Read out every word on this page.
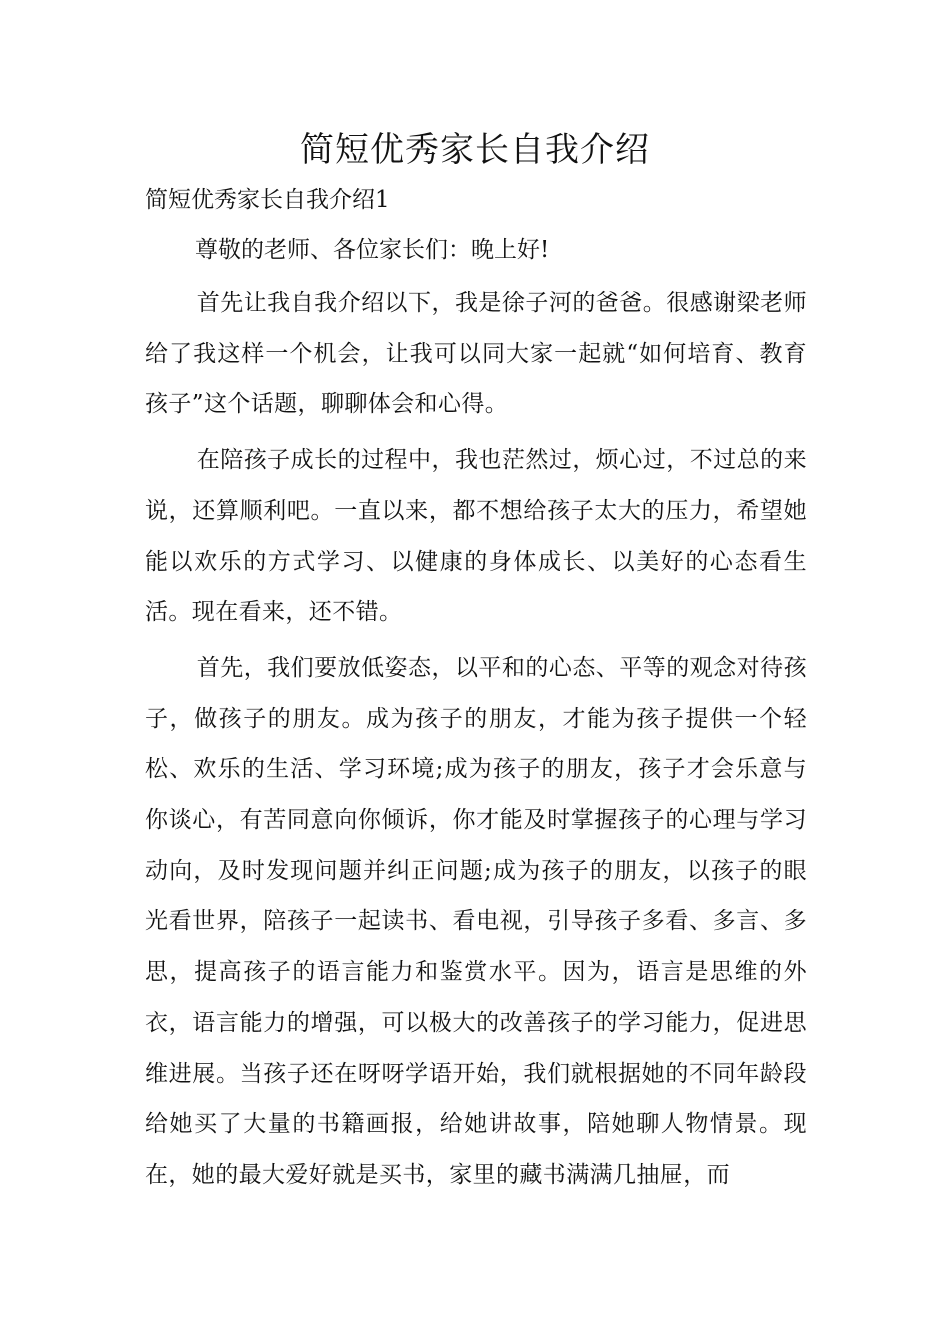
简短优秀家长自我介绍

简短优秀家长自我介绍1

尊敬的老师、各位家长们：晚上好!

首先让我自我介绍以下，我是徐子河的爸爸。很感谢梁老师给了我这样一个机会，让我可以同大家一起就“如何培育、教育孩子”这个话题，聊聊体会和心得。

在陪孩子成长的过程中，我也茫然过，烦心过，不过总的来说，还算顺利吧。一直以来，都不想给孩子太大的压力，希望她能以欢乐的方式学习、以健康的身体成长、以美好的心态看生活。现在看来，还不错。

首先，我们要放低姿态，以平和的心态、平等的观念对待孩子，做孩子的朋友。成为孩子的朋友，才能为孩子提供一个轻松、欢乐的生活、学习环境;成为孩子的朋友，孩子才会乐意与你谈心，有苦同意向你倾诉，你才能及时掌握孩子的心理与学习动向，及时发现问题并纠正问题;成为孩子的朋友，以孩子的眼光看世界，陪孩子一起读书、看电视，引导孩子多看、多言、多思，提高孩子的语言能力和鉴赏水平。因为，语言是思维的外衣，语言能力的增强，可以极大的改善孩子的学习能力，促进思维进展。当孩子还在呀呀学语开始，我们就根据她的不同年龄段给她买了大量的书籍画报，给她讲故事，陪她聊人物情景。现在，她的最大爱好就是买书，家里的藏书满满几抽屉，而
